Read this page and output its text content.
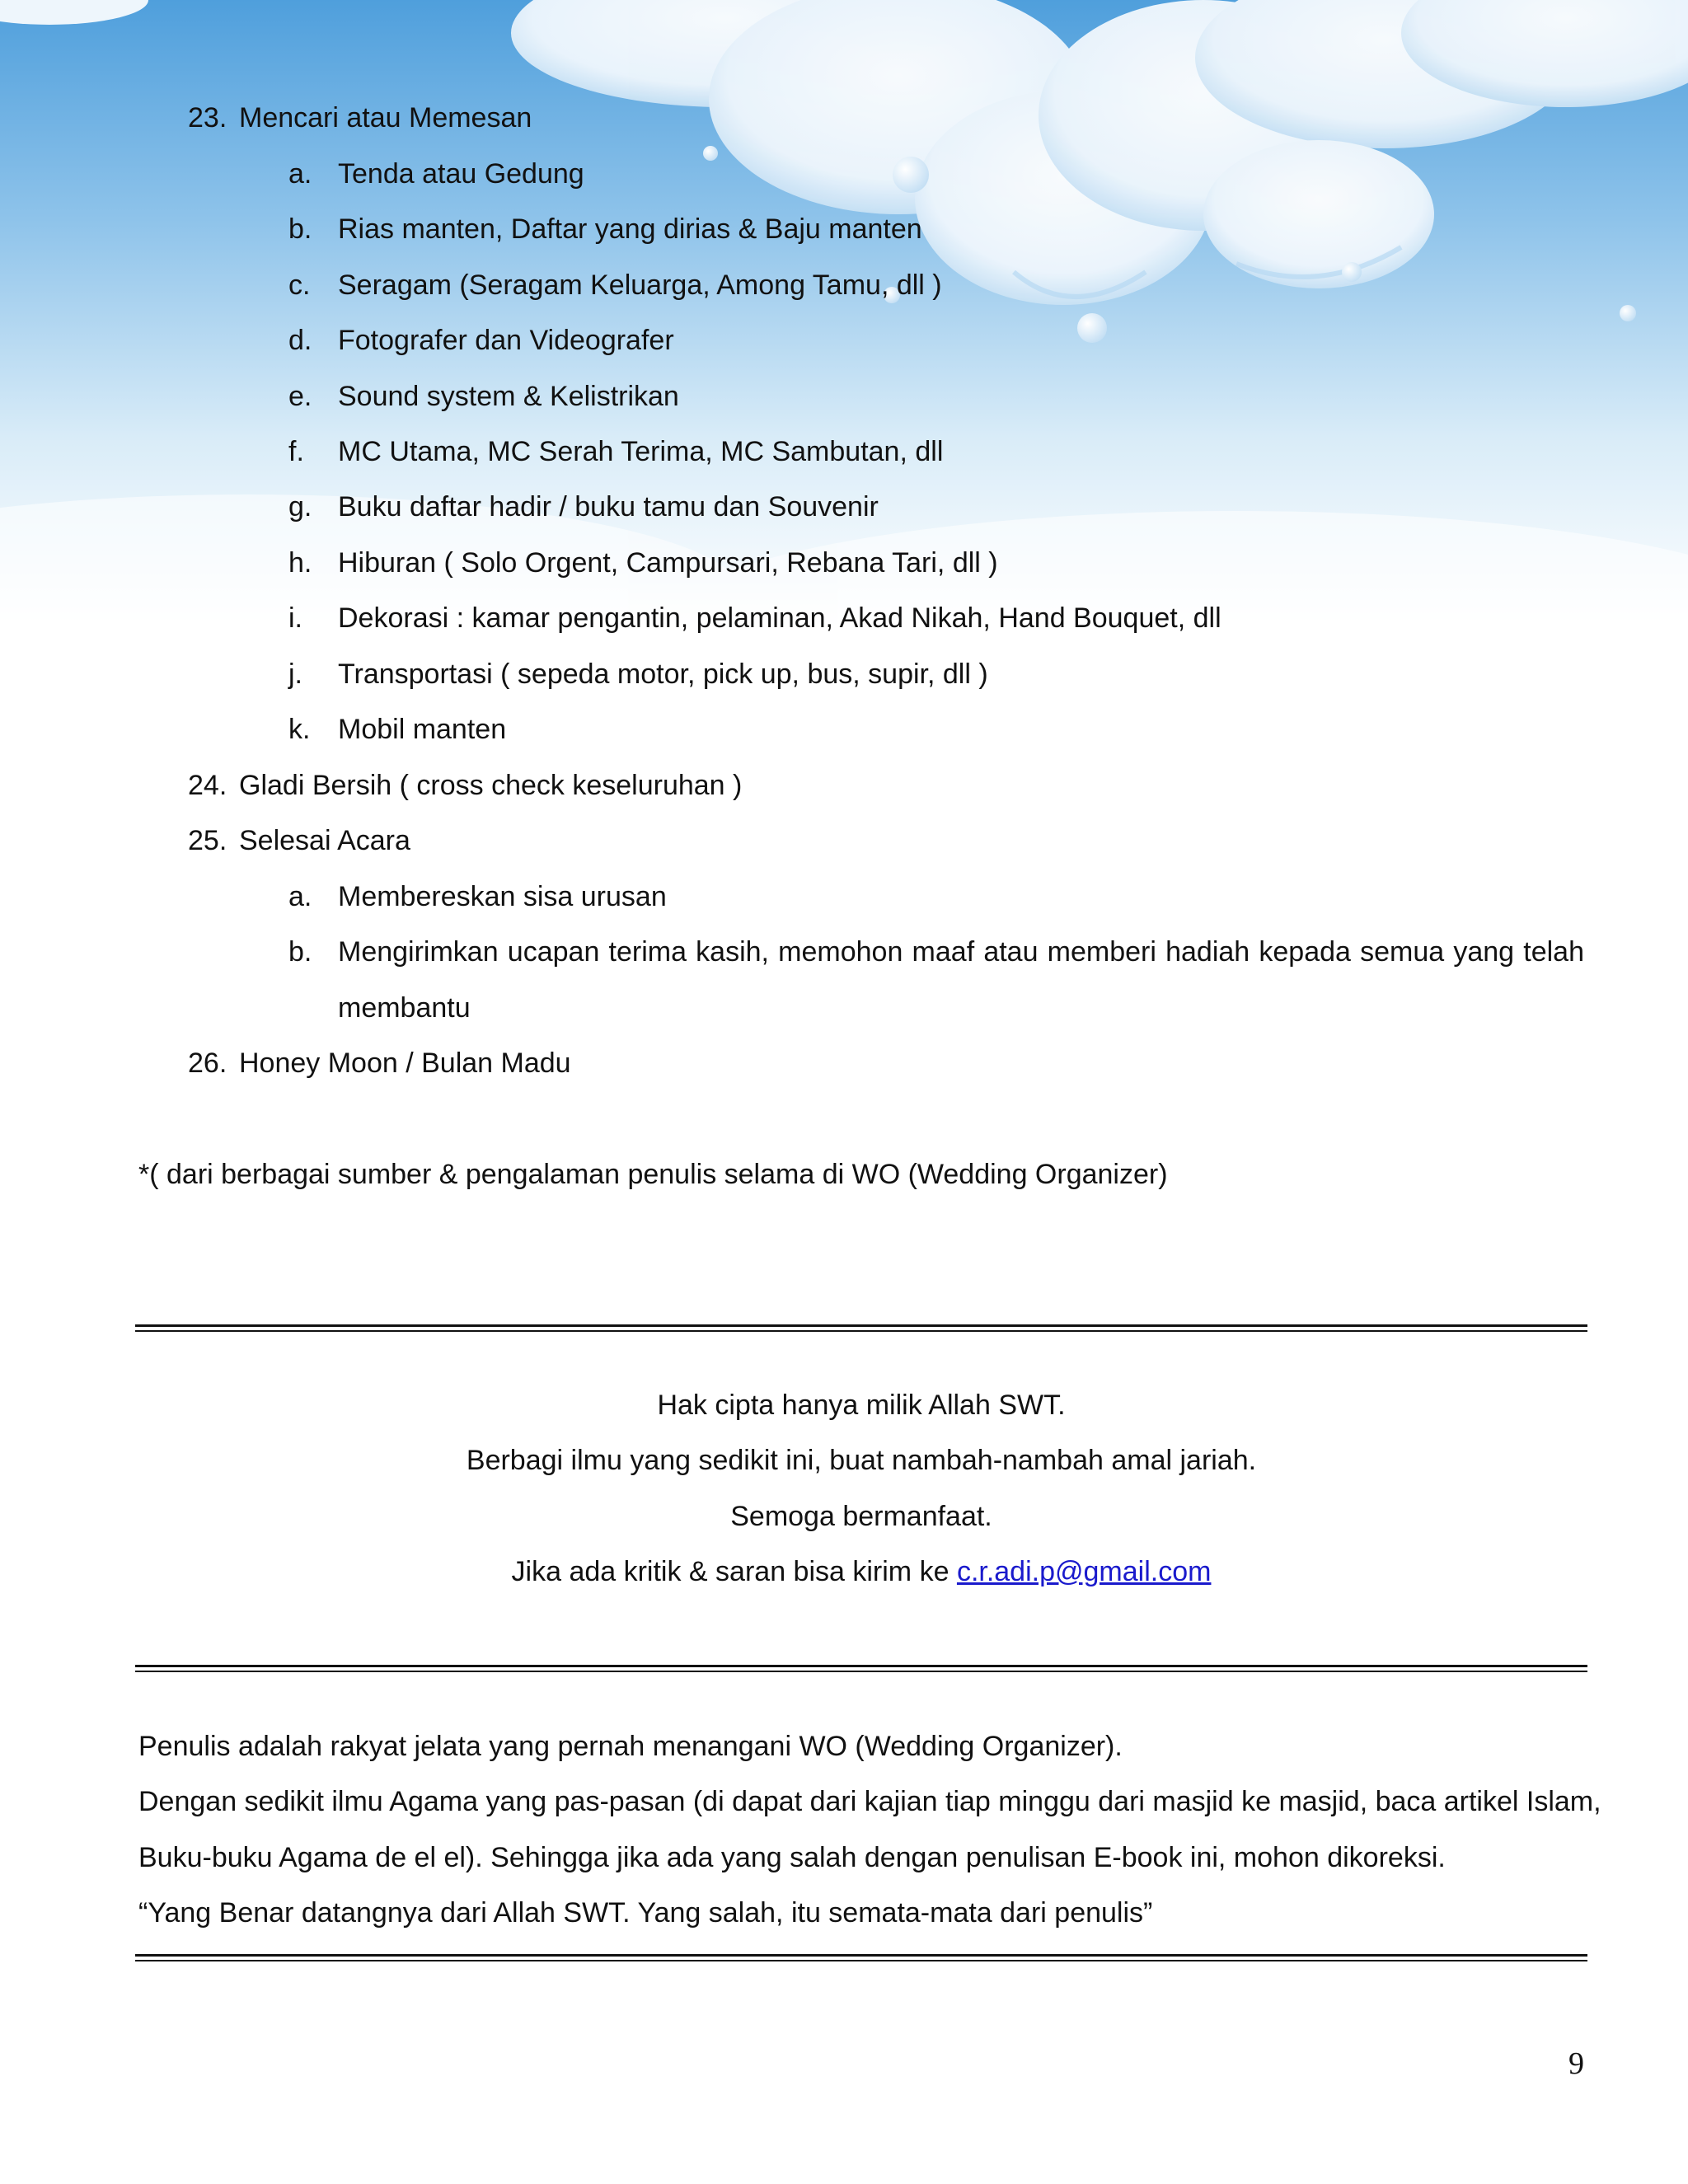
23. Mencari atau Memesan
a. Tenda atau Gedung
b. Rias manten, Daftar yang dirias & Baju manten
c. Seragam (Seragam Keluarga, Among Tamu, dll )
d. Fotografer dan Videografer
e. Sound system & Kelistrikan
f. MC Utama, MC Serah Terima, MC Sambutan, dll
g. Buku daftar hadir / buku tamu dan Souvenir
h. Hiburan ( Solo Orgent, Campursari, Rebana Tari, dll )
i. Dekorasi : kamar pengantin, pelaminan, Akad Nikah, Hand Bouquet, dll
j. Transportasi ( sepeda motor, pick up, bus, supir, dll )
k. Mobil manten
24. Gladi Bersih ( cross check keseluruhan )
25. Selesai Acara
a. Membereskan sisa urusan
b. Mengirimkan ucapan terima kasih, memohon maaf atau memberi hadiah kepada semua yang telah
membantu
26. Honey Moon / Bulan Madu
*( dari berbagai sumber & pengalaman penulis selama di WO (Wedding Organizer)
Hak cipta hanya milik Allah SWT.
Berbagi ilmu yang sedikit ini, buat nambah-nambah amal jariah.
Semoga bermanfaat.
Jika ada kritik & saran bisa kirim ke c.r.adi.p@gmail.com
Penulis adalah rakyat jelata yang pernah menangani WO (Wedding Organizer).
Dengan sedikit ilmu Agama yang pas-pasan (di dapat dari kajian tiap minggu dari masjid ke masjid, baca artikel Islam,
Buku-buku Agama de el el). Sehingga jika ada yang salah dengan penulisan E-book ini, mohon dikoreksi.
“Yang Benar datangnya dari Allah SWT. Yang salah, itu semata-mata dari penulis”
9
